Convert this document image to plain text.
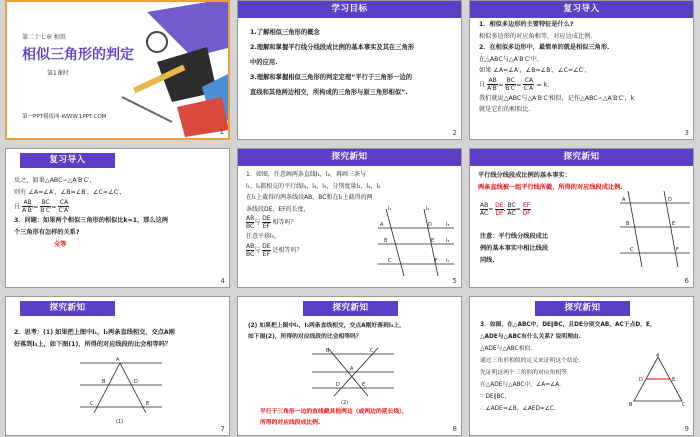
第二十七章 相似
相似三角形的判定
第1课时
第一PPT模板网-WWW.1PPT.COM
1
学习目标

1.了解相似三角形的概念

2.理解和掌握平行线分线段成比例的基本事实及其在三角形

中的应用.

3.理解和掌握相似三角形的判定定理“平行于三角形一边的

直线和其他两边相交，所构成的三角形与原三角形相似”.

2
复习导入

1．相似多边形的主要特征是什么?

相似多边形的对应角相等，对应边成比例.

2．在相似多边形中，最简单的就是相似三角形.

在△ABC与△A′B′C′中，

如果 ∠A=∠A′，∠B=∠B′，∠C=∠C′，

且 $\frac{AB}{A'B'} = \frac{BC}{B'C'} = \frac{CA}{C'A'} = k$.

我们就说△ABC与△A′B′C′相似，记作△ABC∽△A′B′C′，k

就是它们的相似比.

3
复习导入

反之，如果△ABC∽△A′B′C′，

则有 ∠A=∠A′，∠B=∠B′，∠C=∠C′，

且 $\frac{AB}{A'B'} = \frac{BC}{B'C'} = \frac{CA}{C'A'}$

3．问题：如果两个相似三角形的相似比k=1，那么这两

个三角形有怎样的关系?

全等

4
探究新知

1．如图，任意画两条直线l₁，l₂，再画三条与

l₁，l₂都相交的平行线l₃，l₄，l₅，分别度量l₃，l₄，l₅

在l₁上截得的两条线段AB，BC和在l₂上截得的两

条线段DE，EF的长度，

$\frac{AB}{BC}$ 与 $\frac{DE}{EF}$ 相等吗？

任意平移l₅，

$\frac{AB}{BC}$ 与 $\frac{DE}{EF}$ 还相等吗？

A
B
C
D
E
F
l₁	l₂
l₃
l₄
l₅
5
探究新知

平行线分线段成比例的基本事实：

两条直线被一组平行线所截，所得的对应线段成比例.

$\frac{AB}{AC} = \frac{DE}{DF}$ , $\frac{BC}{AC} = \frac{EF}{DF}$

注意：平行线分线段成比

例的基本事实中相比线段

同线.

A
B
C
D
E
F
6
探究新知

2．思考：(1) 如果把上图中l₁，l₂两条直线相交，交点A刚

好落到l₃上，如下图(1)，所得的对应线段的比会相等吗？

A
B
C
D
E
(1)
7
探究新知

(2) 如果把上图中l₁，l₂两条直线相交，交点A刚好落到l₄上，

如下图(2)，所得的对应线段的比会相等吗？

A
B	C
D	E
(2)

平行于三角形一边的直线截其他两边（或两边的延长线），

所得的对应线段成比例.

8
探究新知

3．如图，在△ABC中，DE∥BC，且DE分别交AB，AC于点D，E，

△ADE与△ABC有什么关系? 说明理由.

△ADE与△ABC相似.

通过三角形相似的定义来证明这个结论.

先证明这两个三角形的对应角相等.

在△ADE与△ABC中，∠A=∠A.

∵ DE∥BC，

∴ ∠ADE=∠B，∠AED=∠C.

A
B	C
D	E
9
